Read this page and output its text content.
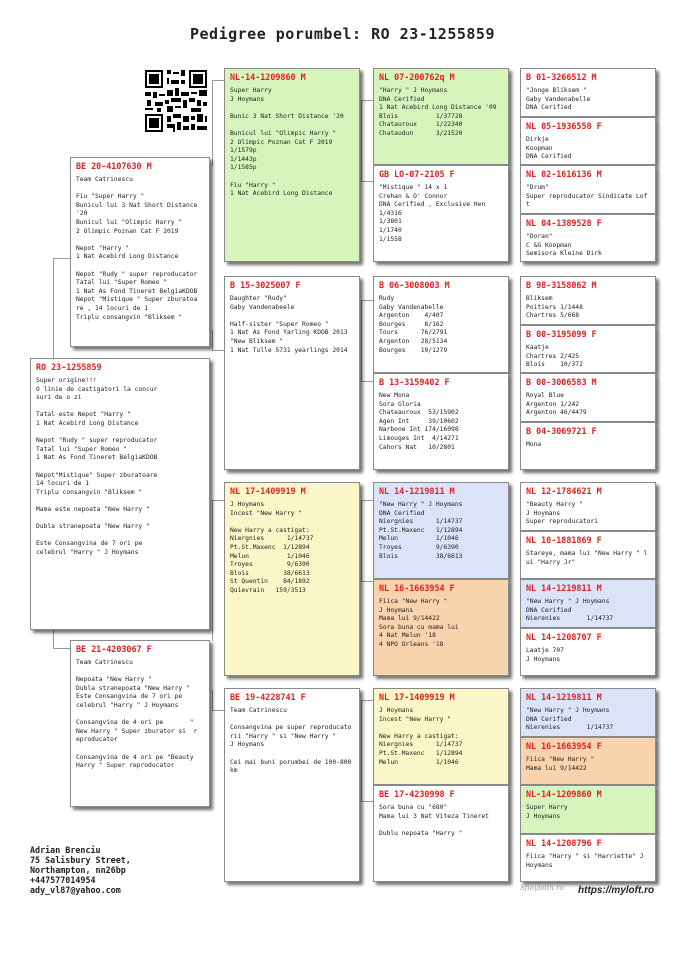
Pedigree porumbel: RO 23-1255859
RO 23-1255859
Super origine!!!
O linie de castigatori la concur
suri de o zi

Tatal este Nepot "Harry "
1 Nat Acebird Long Distance

Nepot "Rudy " super reproducator
Tatal lui "Super Romeo "
1 Nat As Fond Tineret BelgiaKDOB

Nepot"Mistique" Super zburatoare
14 locuri de 1
Triplu consangvin "Bliksem "

Mama este nepoata "New Harry "

Dubla stranepoata "New Harry "

Este Consangvina de 7 ori pe
celebrul "Harry " J Hoymans
BE 20-4107630 M
Team Catrinescu

Fiu "Super Harry "
Bunicul lui 3 Nat Short Distance
'20
Bunicul lui "Olimpic Harry "
2 Olimpic Poznan Cat F 2019

Nepot "Harry "
1 Nat Acebird Long Distance

Nepot "Rudy " super reproducator
Tatal lui "Super Romeo "
1 Nat As Fond Tineret BelgiaKDOB
Nepot "Mistique " Super zburatoa
re , 14 locuri de 1
Triplu consangvin "Bliksem "
BE 21-4203067 F
Team Catrinescu

Nepoata "New Harry "
Dubla stranepoata "New Harry "
Este Consangvina de 7 ori pe
celebrul "Harry " J Hoymans

Consangvina de 4 ori pe       "
New Harry " Super zburator si  r
eproducator

Consangvina de 4 ori pe "Beauty
Harry " Super reproducator
NL-14-1209860 M
Super Harry
J Hoymans

Bunic 3 Nat Short Distance '20

Bunicul lui "Olimpic Harry "
2 Olimpic Poznan Cat F 2019
1/1579p
1/1443p
1/1585p

Fiu "Harry "
1 Nat Acebird Long Distance
B 15-3025007 F
Daughter "Rudy"
Gaby Vandenabeele

Half-sister "Super Romeo "
1 Nat As Fond Yarling KDOB 2013
"New Bliksem "
1 Nat Tulle 5731 yearlings 2014
NL 17-1409919 M
J Hoymans
Incest "New Harry "

New Harry a castigat:
Niergnies      1/14737
Pt.St.Maxenc  1/12894
Melun          1/1046
Troyes         9/6390
Blois         38/6613
St Quentin    84/1892
Quievrain   159/3513
BE 19-4228741 F
Team Catrinescu

Consangvina pe super reproducato
rii "Harry " si "New Harry "
J Hoymans

Cei mai buni porumbei de 100-800
km
NL 07-200762q M
"Harry " J Hoymans
DNA Cerified
1 Nat Acebird Long Distance '09
Blois          1/37728
Chatauroux     1/22340
Chataudun      3/21520
GB LO-07-2105 F
"Mistique " 14 x 1
Crehan & O' Connor
DNA Cerified , Exclusive Hen
1/4316
1/3801
1/1740
1/1558
B 06-3008003 M
Rudy
Gaby Vandenabelle
Argenton    4/407
Bourges     8/162
Tours      76/2791
Argenton   28/5134
Bourges    19/1279
B 13-3159402 F
New Mona
Sora Gloria
Chateauroux  53/15902
Agen Int     39/10602
Narbone Int 174/16098
Limouges Int  4/14271
Cahors Nat   10/2801
NL 14-1219811 M
"New Harry " J Hoymans
DNA Cerified
Niergnies      1/14737
Pt.St.Maxenc   1/12894
Melun          1/1046
Troyes         9/6390
Blois          38/6613
NL 16-1663954 F
Fiica "New Harry "
J Hoymans
Mama lui 9/14422
Sora buna cu mama lui
4 Nat Melun '18
4 NPO Orleans '18
NL 17-1409919 M
J Hoymans
Incest "New Harry "

New Harry a castigat:
Niergnies      1/14737
Pt.St.Maxenc   1/12894
Melun          1/1046
BE 17-4230998 F
Sora buna cu "680"
Mama lui 3 Nat Viteza Tineret

Dublu nepoata "Harry "
B 01-3266512 M
"Jonge Bliksem "
Gaby Vandenabelle
DNA Cerified
NL 05-1936558 F
Dirkje
Koopman
DNA Cerified
NL 02-1616136 M
"Drum"
Super reproducator Sindicate Lof
t
NL 04-1389528 F
"Doran"
C &G Koopman
Semisora Kleine Dirk
B 98-3158062 M
Bliksem
Poitiers 1/1448
Chartres 5/668
B 00-3195099 F
Kaatje
Chartres 2/425
Blois    10/372
B 00-3006583 M
Royal Blue
Argenton 1/242
Argenton 46/4479
B 04-3069721 F
Mona
NL 12-1784621 M
"Beauty Harry "
J Hoymans
Super reproducatori
NL 10-1881869 F
Stareye, mama lui "New Harry " l
ui "Harry Jr"
NL 14-1219811 M
"New Harry " J Hoymans
DNA Cerified
Nierenies       1/14737
NL 14-1208707 F
Laatje 707
J Hoymans
NL 14-1219811 M
"New Harry " J Hoymans
DNA Cerified
Nierenies       1/14737
NL 16-1663954 F
Fiica "New Harry "
Mama lui 9/14422
NL-14-1209860 M
Super Harry
J Hoymans
NL 14-1208796 F
Fiica "Harry " si "Harriette" J
Hoymans
Adrian Brenciu
75 Salisbury Street,
Northampton, nn26bp
+447577014954
ady_vl87@yahoo.com	Sfinyboth.ro https://myloft.ro
